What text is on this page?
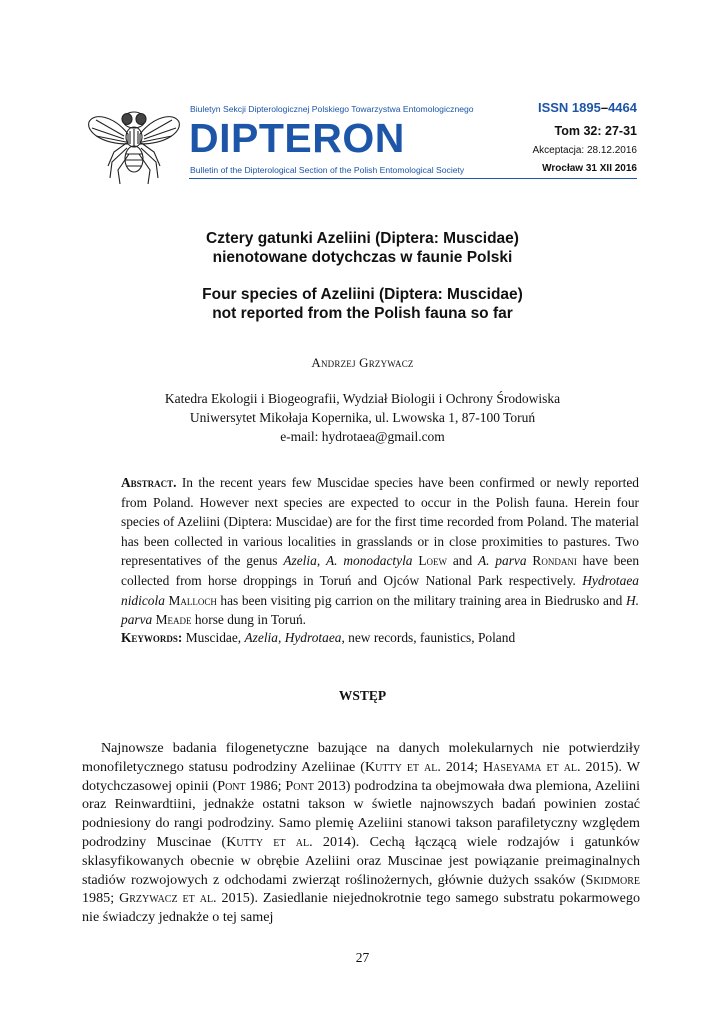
Biuletyn Sekcji Dipterologicznej Polskiego Towarzystwa Entomologicznego
DIPTERON
Bulletin of the Dipterological Section of the Polish Entomological Society
ISSN 1895–4464
Tom 32: 27-31
Akceptacja: 28.12.2016
Wrocław 31 XII 2016
Cztery gatunki Azeliini (Diptera: Muscidae)
nienotowane dotychczas w faunie Polski
Four species of Azeliini (Diptera: Muscidae)
not reported from the Polish fauna so far
Andrzej Grzywacz
Katedra Ekologii i Biogeografii, Wydział Biologii i Ochrony Środowiska
Uniwersytet Mikołaja Kopernika, ul. Lwowska 1, 87-100 Toruń
e-mail: hydrotaea@gmail.com
Abstract. In the recent years few Muscidae species have been confirmed or newly reported from Poland. However next species are expected to occur in the Polish fauna. Herein four species of Azeliini (Diptera: Muscidae) are for the first time recorded from Poland. The material has been collected in various localities in grasslands or in close proximities to pastures. Two representatives of the genus Azelia, A. monodactyla Loew and A. parva Rondani have been collected from horse droppings in Toruń and Ojców National Park respectively. Hydrotaea nidicola Malloch has been visiting pig carrion on the military training area in Biedrusko and H. parva Meade horse dung in Toruń.
Keywords: Muscidae, Azelia, Hydrotaea, new records, faunistics, Poland
WSTĘP

Najnowsze badania filogenetyczne bazujące na danych molekularnych nie potwierdziły monofiletycznego statusu podrodziny Azeliinae (Kutty et al. 2014; Haseyama et al. 2015). W dotychczasowej opinii (Pont 1986; Pont 2013) podrodzina ta obejmowała dwa plemiona, Azeliini oraz Reinwardtiini, jednakże ostatni takson w świetle najnowszych badań powinien zostać podniesiony do rangi podrodziny. Samo plemię Azeliini stanowi takson parafiletyczny względem podrodziny Muscinae (Kutty et al. 2014). Cechą łączącą wiele rodzajów i gatunków sklasyfikowanych obecnie w obrębie Azeliini oraz Muscinae jest powiązanie preimaginalnych stadiów rozwojowych z odchodami zwierząt roślinożernych, głównie dużych ssaków (Skidmore 1985; Grzywacz et al. 2015). Zasiedlanie niejednokrotnie tego samego substratu pokarmowego nie świadczy jednakże o tej samej

27
